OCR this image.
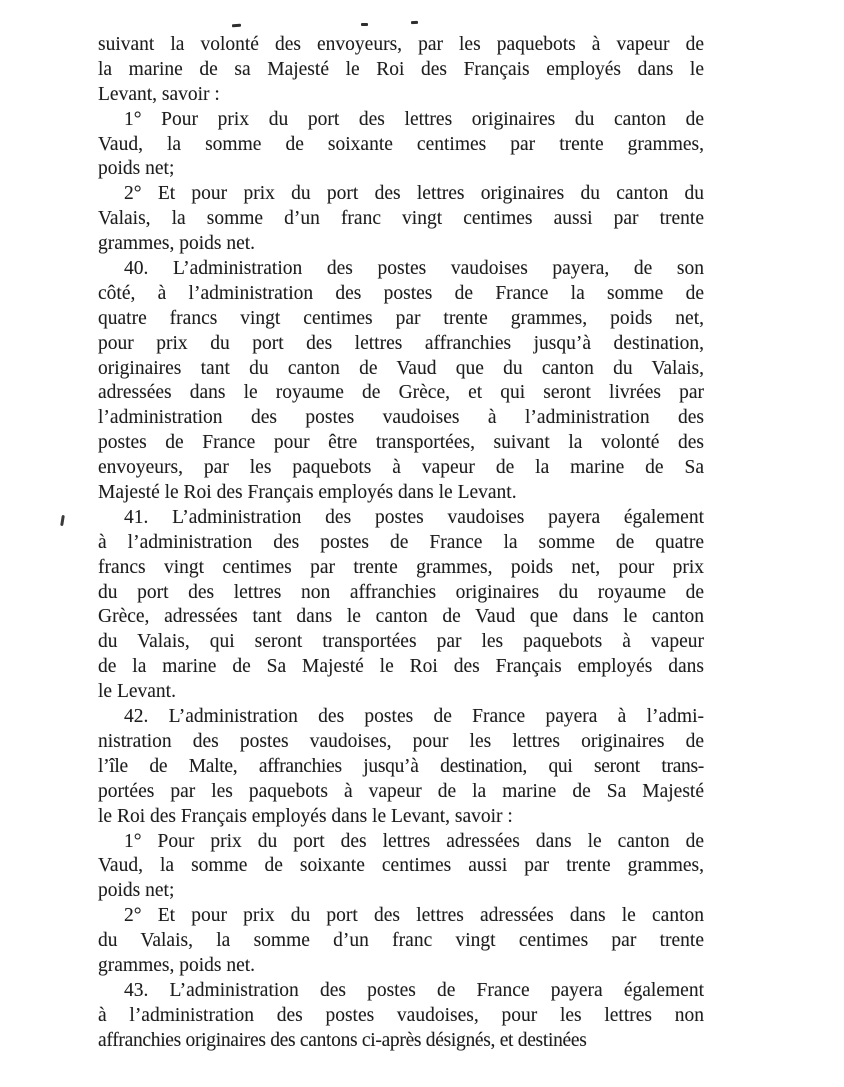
suivant la volonté des envoyeurs, par les paquebots à vapeur de
la marine de sa Majesté le Roi des Français employés dans le
Levant, savoir :
1° Pour prix du port des lettres originaires du canton de
Vaud, la somme de soixante centimes par trente grammes,
poids net;
2° Et pour prix du port des lettres originaires du canton du
Valais, la somme d’un franc vingt centimes aussi par trente
grammes, poids net.
40. L’administration des postes vaudoises payera, de son
côté, à l’administration des postes de France la somme de
quatre francs vingt centimes par trente grammes, poids net,
pour prix du port des lettres affranchies jusqu’à destination,
originaires tant du canton de Vaud que du canton du Valais,
adressées dans le royaume de Grèce, et qui seront livrées par
l’administration des postes vaudoises à l’administration des
postes de France pour être transportées, suivant la volonté des
envoyeurs, par les paquebots à vapeur de la marine de Sa
Majesté le Roi des Français employés dans le Levant.
41. L’administration des postes vaudoises payera également
à l’administration des postes de France la somme de quatre
francs vingt centimes par trente grammes, poids net, pour prix
du port des lettres non affranchies originaires du royaume de
Grèce, adressées tant dans le canton de Vaud que dans le canton
du Valais, qui seront transportées par les paquebots à vapeur
de la marine de Sa Majesté le Roi des Français employés dans
le Levant.
42. L’administration des postes de France payera à l’admi-
nistration des postes vaudoises, pour les lettres originaires de
l’île de Malte, affranchies jusqu’à destination, qui seront trans-
portées par les paquebots à vapeur de la marine de Sa Majesté
le Roi des Français employés dans le Levant, savoir :
1° Pour prix du port des lettres adressées dans le canton de
Vaud, la somme de soixante centimes aussi par trente grammes,
poids net;
2° Et pour prix du port des lettres adressées dans le canton
du Valais, la somme d’un franc vingt centimes par trente
grammes, poids net.
43. L’administration des postes de France payera également
à l’administration des postes vaudoises, pour les lettres non
affranchies originaires des cantons ci-après désignés, et destinées
